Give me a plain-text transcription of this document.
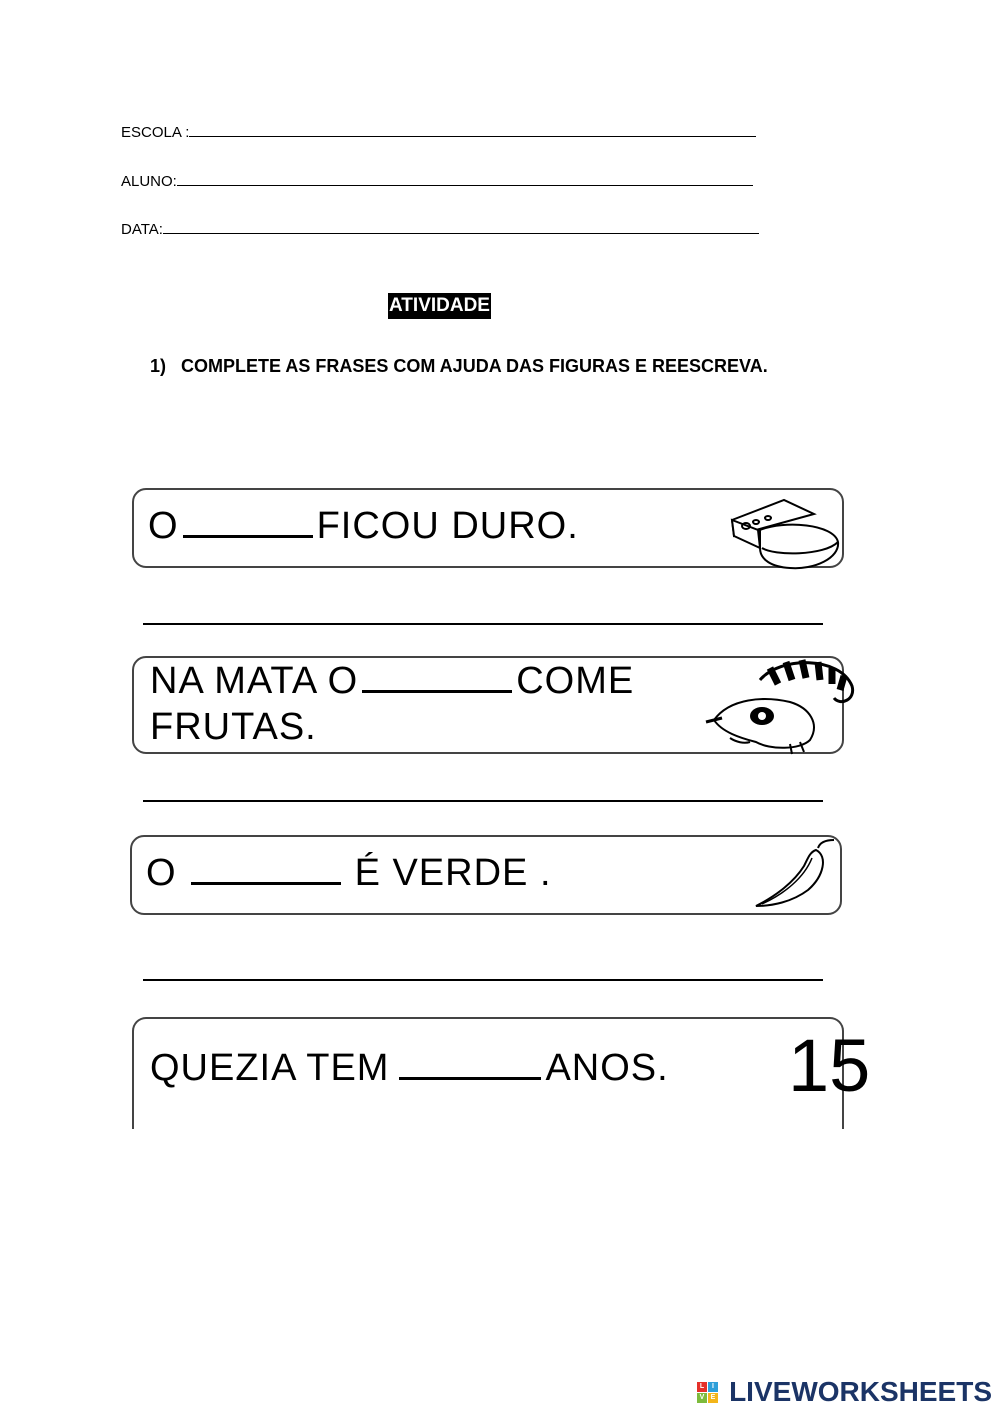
ESCOLA :
ALUNO:
DATA:
ATIVIDADE
1) COMPLETE AS FRASES COM AJUDA DAS FIGURAS E REESCREVA.
O	FICOU DURO.
NA MATA O	COME
FRUTAS.
O	É VERDE .
QUEZIA TEM	ANOS. 15
L	I
V E LIVEWORKSHEETS
